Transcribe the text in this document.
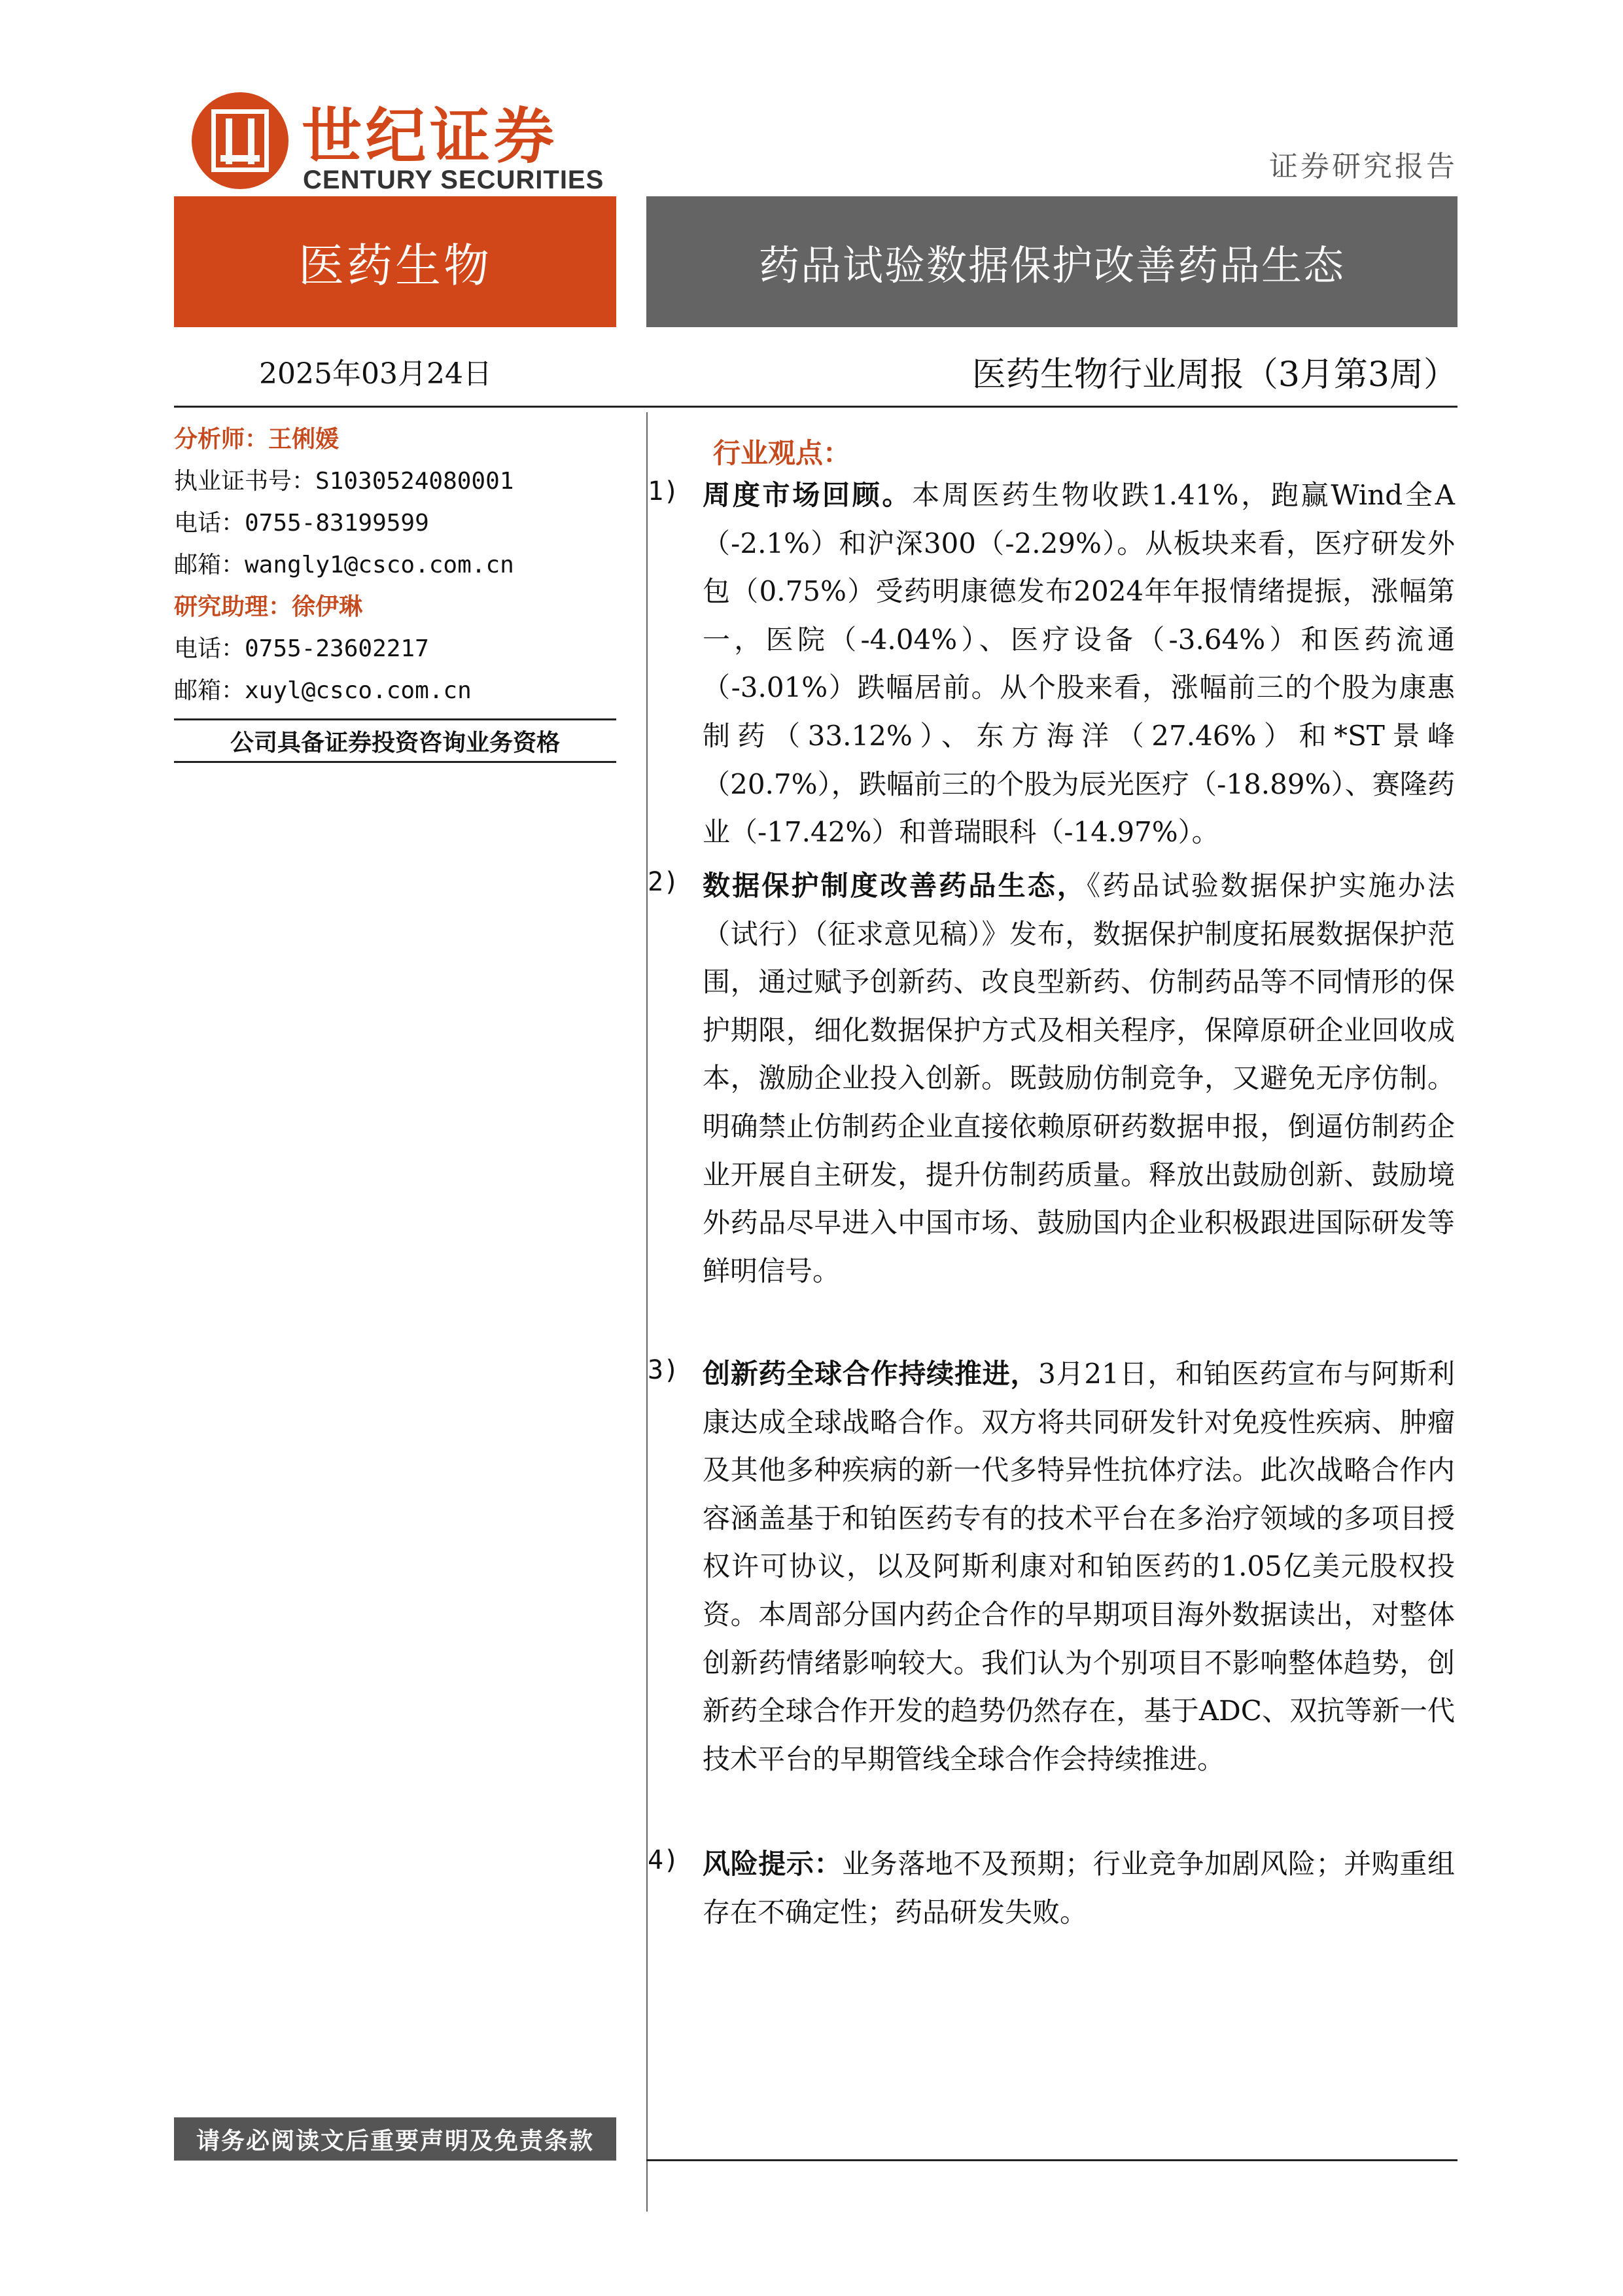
世纪证券
CENTURY SECURITIES	证券研究报告
医药生物	药品试验数据保护改善药品生态
2025年03月24日	医药生物行业周报（3月第3周）
分析师：王俐媛
执业证书号：S1030524080001
电话：0755-83199599
邮箱：wangly1@csco.com.cn
研究助理：徐伊琳
电话：0755-23602217
邮箱：xuyl@csco.com.cn
公司具备证券投资咨询业务资格
行业观点：
1) 周度市场回顾。本周医药生物收跌1.41%，跑赢Wind全A（-2.1%）和沪深300（-2.29%）。从板块来看，医疗研发外包（0.75%）受药明康德发布2024年年报情绪提振，涨幅第一，医院（-4.04%）、医疗设备（-3.64%）和医药流通（-3.01%）跌幅居前。从个股来看，涨幅前三的个股为康惠制药（33.12%）、东方海洋（27.46%）和*ST景峰（20.7%），跌幅前三的个股为辰光医疗（-18.89%）、赛隆药业（-17.42%）和普瑞眼科（-14.97%）。
2) 数据保护制度改善药品生态，《药品试验数据保护实施办法（试行）（征求意见稿）》发布，数据保护制度拓展数据保护范围，通过赋予创新药、改良型新药、仿制药品等不同情形的保护期限，细化数据保护方式及相关程序，保障原研企业回收成本，激励企业投入创新。既鼓励仿制竞争，又避免无序仿制。明确禁止仿制药企业直接依赖原研药数据申报，倒逼仿制药企业开展自主研发，提升仿制药质量。释放出鼓励创新、鼓励境外药品尽早进入中国市场、鼓励国内企业积极跟进国际研发等鲜明信号。
3) 创新药全球合作持续推进，3月21日，和铂医药宣布与阿斯利康达成全球战略合作。双方将共同研发针对免疫性疾病、肿瘤及其他多种疾病的新一代多特异性抗体疗法。此次战略合作内容涵盖基于和铂医药专有的技术平台在多治疗领域的多项目授权许可协议，以及阿斯利康对和铂医药的1.05亿美元股权投资。本周部分国内药企合作的早期项目海外数据读出，对整体创新药情绪影响较大。我们认为个别项目不影响整体趋势，创新药全球合作开发的趋势仍然存在，基于ADC、双抗等新一代技术平台的早期管线全球合作会持续推进。
4) 风险提示：业务落地不及预期；行业竞争加剧风险；并购重组存在不确定性；药品研发失败。
请务必阅读文后重要声明及免责条款
